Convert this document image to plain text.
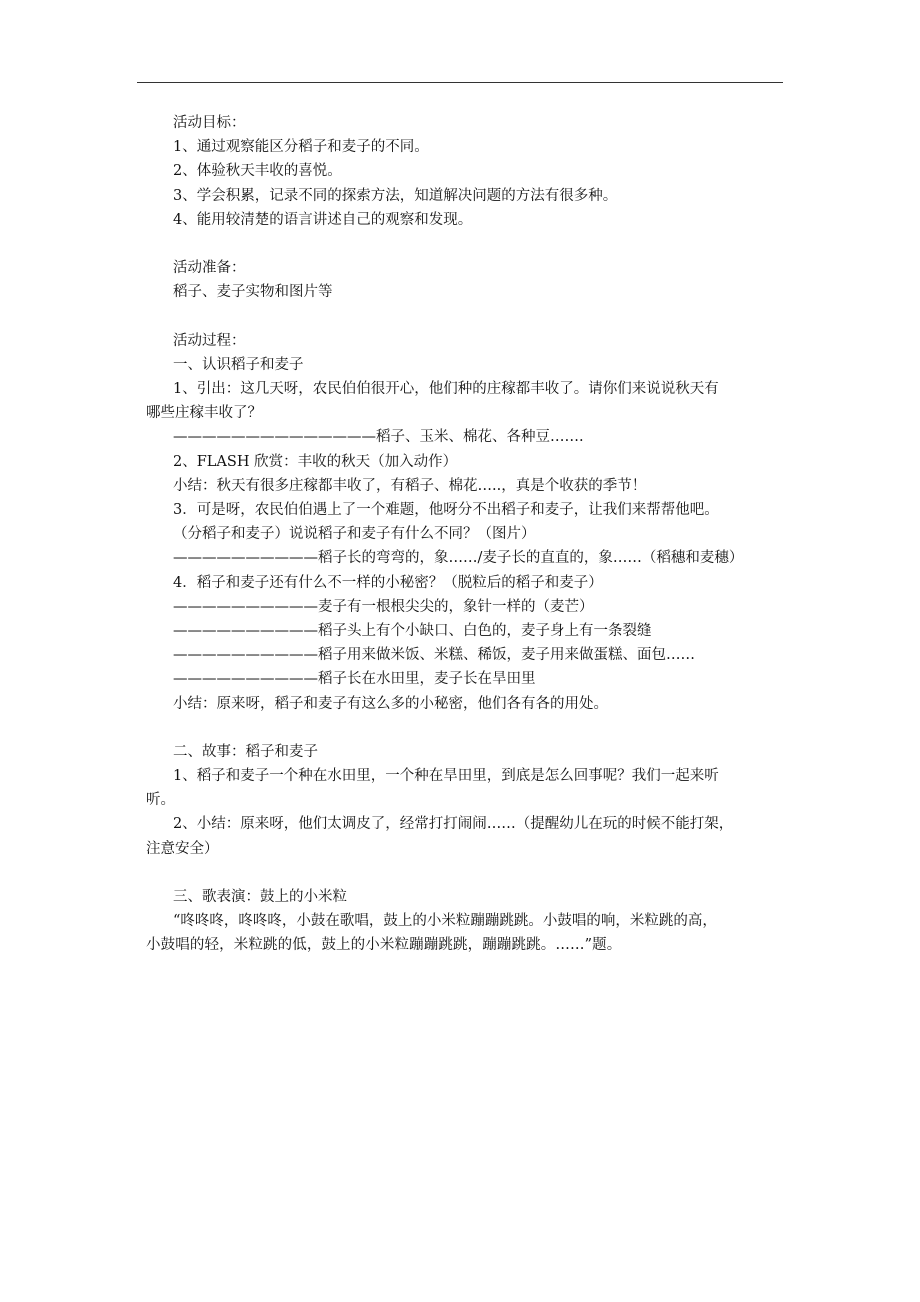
活动目标：
1、通过观察能区分稻子和麦子的不同。
2、体验秋天丰收的喜悦。
3、学会积累，记录不同的探索方法，知道解决问题的方法有很多种。
4、能用较清楚的语言讲述自己的观察和发现。
活动准备：
稻子、麦子实物和图片等
活动过程：
一、认识稻子和麦子
1、引出：这几天呀，农民伯伯很开心，他们种的庄稼都丰收了。请你们来说说秋天有
哪些庄稼丰收了？
——————————————稻子、玉米、棉花、各种豆…….
2、FLASH 欣赏：丰收的秋天（加入动作）
小结：秋天有很多庄稼都丰收了，有稻子、棉花…..，真是个收获的季节！
3．可是呀，农民伯伯遇上了一个难题，他呀分不出稻子和麦子，让我们来帮帮他吧。
（分稻子和麦子）说说稻子和麦子有什么不同？（图片）
——————————稻子长的弯弯的，象……/麦子长的直直的，象……（稻穗和麦穗）
4．稻子和麦子还有什么不一样的小秘密？（脱粒后的稻子和麦子）
——————————麦子有一根根尖尖的，象针一样的（麦芒）
——————————稻子头上有个小缺口、白色的，麦子身上有一条裂缝
——————————稻子用来做米饭、米糕、稀饭，麦子用来做蛋糕、面包……
——————————稻子长在水田里，麦子长在旱田里
小结：原来呀，稻子和麦子有这么多的小秘密，他们各有各的用处。
二、故事：稻子和麦子
1、稻子和麦子一个种在水田里，一个种在旱田里，到底是怎么回事呢？我们一起来听
听。
2、小结：原来呀，他们太调皮了，经常打打闹闹……（提醒幼儿在玩的时候不能打架，
注意安全）
三、歌表演：鼓上的小米粒
“咚咚咚，咚咚咚，小鼓在歌唱，鼓上的小米粒蹦蹦跳跳。小鼓唱的响，米粒跳的高，
小鼓唱的轻，米粒跳的低，鼓上的小米粒蹦蹦跳跳，蹦蹦跳跳。……”题。
